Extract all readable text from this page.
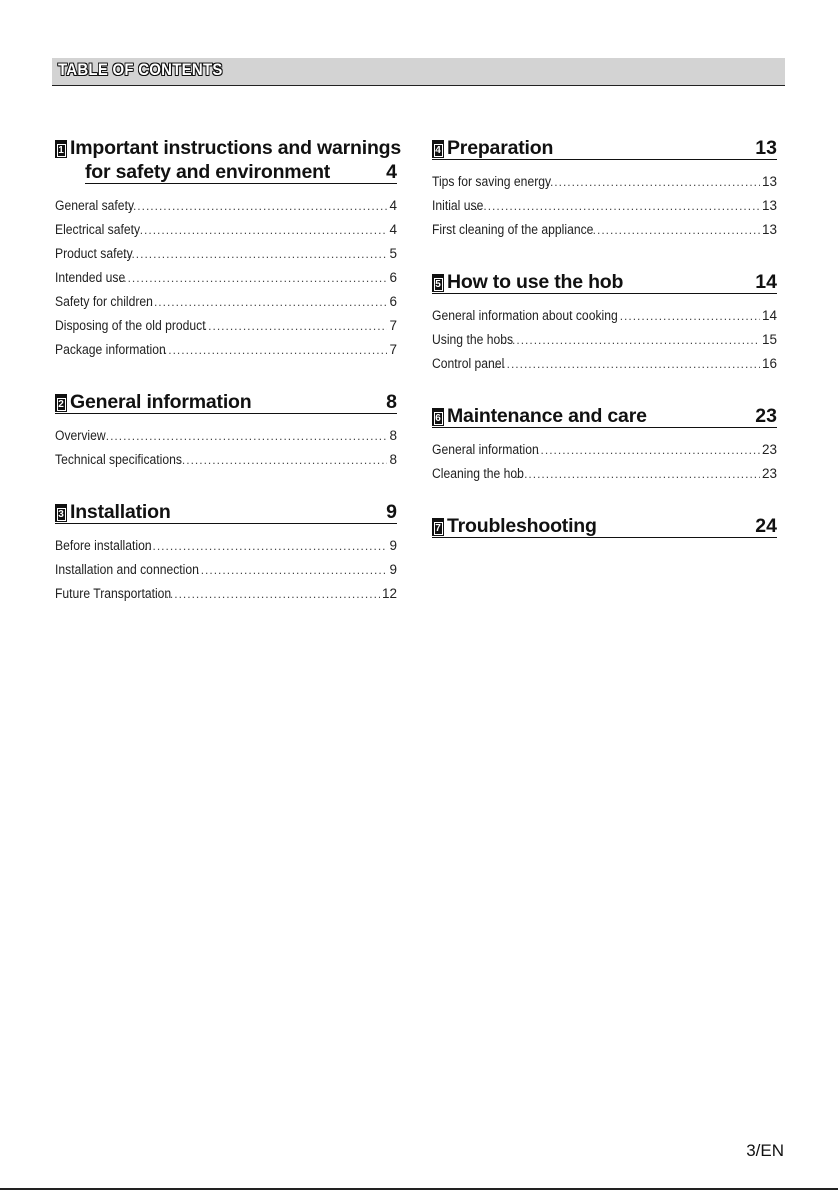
TABLE OF CONTENTS
1 Important instructions and warnings
for safety and environment	4
General safety .....	4
Electrical safety .....	4
Product safety .....	5
Intended use .....	6
Safety for children .....	6
Disposing of the old product .....	7
Package information .....	7
2 General information	8
Overview .....	8
Technical specifications .....	8
3 Installation	9
Before installation .....	9
Installation and connection .....	9
Future Transportation .....	12
4 Preparation	13
Tips for saving energy .....	13
Initial use .....	13
First cleaning of the appliance .....	13
5 How to use the hob	14
General information about cooking .....	14
Using the hobs .....	15
Control panel .....	16
6 Maintenance and care	23
General information .....	23
Cleaning the hob .....	23
7 Troubleshooting	24
3/EN
